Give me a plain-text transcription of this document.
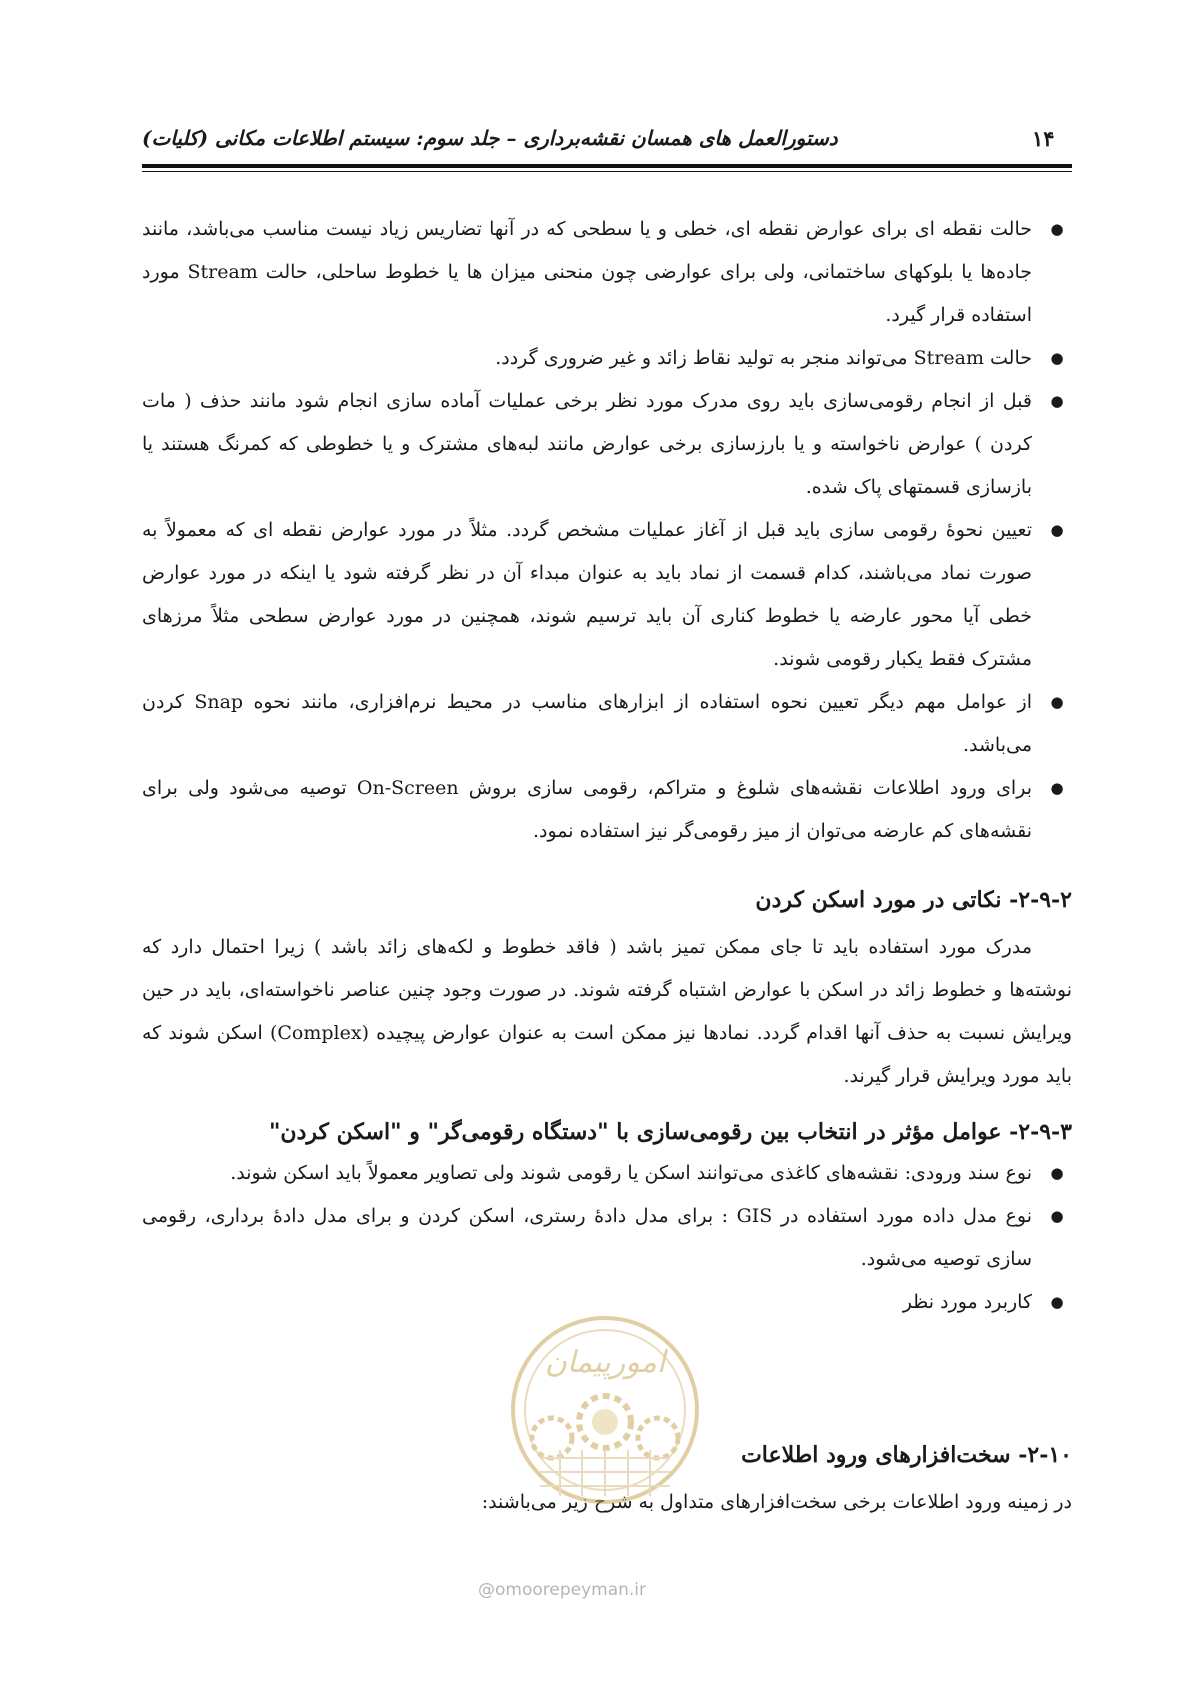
دستورالعمل های همسان نقشه‌برداری – جلد سوم: سیستم اطلاعات مکانی (کلیات)	۱۴
●
حالت نقطه ای برای عوارض نقطه ای، خطی و یا سطحی که در آنها تضاریس زیاد نیست مناسب می‌باشد، مانند جاده‌ها یا بلوکهای ساختمانی، ولی برای عوارضی چون منحنی میزان ها یا خطوط ساحلی، حالت Stream مورد استفاده قرار گیرد.
●
حالت Stream می‌تواند منجر به تولید نقاط زائد و غیر ضروری گردد.
●
قبل از انجام رقومی‌سازی باید روی مدرک مورد نظر برخی عملیات آماده سازی انجام شود مانند حذف ( مات کردن ) عوارض ناخواسته و یا بارزسازی برخی عوارض مانند لبه‌های مشترک و یا خطوطی که کمرنگ هستند یا بازسازی قسمتهای پاک شده.
●
تعیین نحوهٔ رقومی سازی باید قبل از آغاز عملیات مشخص گردد. مثلاً در مورد عوارض نقطه ای که معمولاً به صورت نماد می‌باشند، کدام قسمت از نماد باید به عنوان مبداء آن در نظر گرفته شود یا اینکه در مورد عوارض خطی آیا محور عارضه یا خطوط کناری آن باید ترسیم شوند، همچنین در مورد عوارض سطحی مثلاً مرزهای مشترک فقط یکبار رقومی شوند.
●
از عوامل مهم دیگر تعیین نحوه استفاده از ابزارهای مناسب در محیط نرم‌افزاری، مانند نحوه Snap کردن می‌باشد.
●
برای ورود اطلاعات نقشه‌های شلوغ و متراکم، رقومی سازی بروش On-Screen توصیه می‌شود ولی برای نقشه‌های کم عارضه می‌توان از میز رقومی‌گر نیز استفاده نمود.
۲-۹-۲- نکاتی در مورد اسکن کردن

مدرک مورد استفاده باید تا جای ممکن تمیز باشد ( فاقد خطوط و لکه‌های زائد باشد ) زیرا احتمال دارد که نوشته‌ها و خطوط زائد در اسکن با عوارض اشتباه گرفته شوند. در صورت وجود چنین عناصر ناخواسته‌ای، باید در حین ویرایش نسبت به حذف آنها اقدام گردد. نمادها نیز ممکن است به عنوان عوارض پیچیده (Complex) اسکن شوند که باید مورد ویرایش قرار گیرند.

۲-۹-۳- عوامل مؤثر در انتخاب بین رقومی‌سازی با "دستگاه رقومی‌گر" و "اسکن کردن"
●
نوع سند ورودی: نقشه‌های کاغذی می‌توانند اسکن یا رقومی شوند ولی تصاویر معمولاً باید اسکن شوند.
●
نوع مدل داده مورد استفاده در GIS : برای مدل دادهٔ رستری، اسکن کردن و برای مدل دادهٔ برداری، رقومی سازی توصیه می‌شود.
●
کاربرد مورد نظر
۲-۱۰- سخت‌افزارهای ورود اطلاعات

در زمینه ورود اطلاعات برخی سخت‌افزارهای متداول به شرح زیر می‌باشند:

امورپیمان
@omoorepeyman.ir
